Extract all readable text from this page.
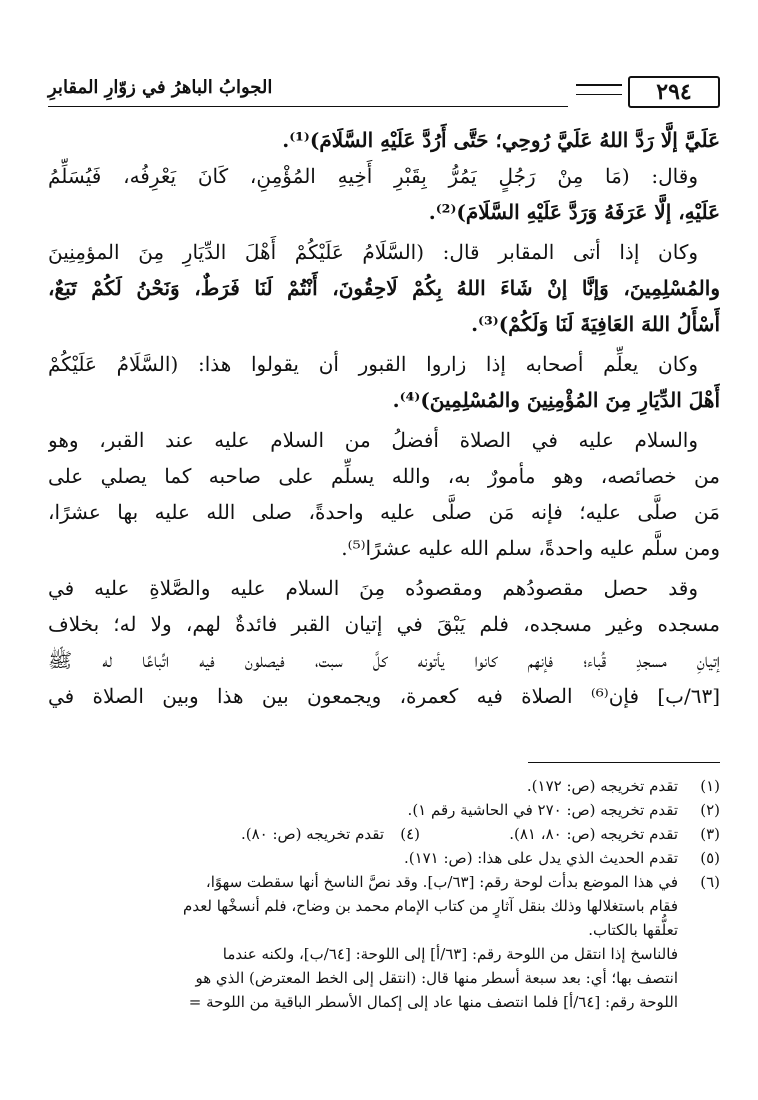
٢٩٤
الجوابُ الباهرُ في زوّارِ المقابرِ
عَلَيَّ إلَّا رَدَّ اللهُ عَلَيَّ رُوحِي؛ حَتَّى أَرُدَّ عَلَيْهِ السَّلَامَ)⁽¹⁾.
وقال: (مَا مِنْ رَجُلٍ يَمُرُّ بِقَبْرِ أَخِيهِ المُؤْمِنِ، كَانَ يَعْرِفُه، فَيُسَلِّمُ
عَلَيْهِ، إلَّا عَرَفَهُ وَرَدَّ عَلَيْهِ السَّلَامَ)⁽²⁾.
وكان إذا أتى المقابر قال: (السَّلَامُ عَلَيْكُمْ أَهْلَ الدِّيَارِ مِنَ المؤمِنِينَ
والمُسْلِمِينَ، وَإنَّا إنْ شَاءَ اللهُ بِكُمْ لَاحِقُونَ، أَنْتُمْ لَنَا فَرَطٌ، وَنَحْنُ لَكُمْ تَبَعٌ،
أَسْأَلُ اللهَ العَافِيَةَ لَنَا وَلَكُمْ)⁽³⁾.
وكان يعلِّم أصحابه إذا زاروا القبور أن يقولوا هذا: (السَّلَامُ عَلَيْكُمْ
أَهْلَ الدِّيَارِ مِنَ المُؤْمِنِينَ والمُسْلِمِينَ)⁽⁴⁾.
والسلام عليه في الصلاة أفضلُ من السلام عليه عند القبر، وهو
من خصائصه، وهو مأمورٌ به، والله يسلِّم على صاحبه كما يصلي على
مَن صلَّى عليه؛ فإنه مَن صلَّى عليه واحدةً، صلى الله عليه بها عشرًا،
ومن سلَّم عليه واحدةً، سلم الله عليه عشرًا⁽⁵⁾.
وقد حصل مقصودُهم ومقصودُه مِنَ السلام عليه والصَّلاةِ عليه في
مسجده وغير مسجده، فلم يَبْقَ في إتيان القبر فائدةٌ لهم، ولا له؛ بخلاف
إتيانِ مسجدِ قُباء؛ فإنهم كانوا يأتونه كلَّ سبت، فيصلون فيه اتِّباعًا له ﷺ
[٦٣/ب] فإن⁽⁶⁾ الصلاة فيه كعمرة، ويجمعون بين هذا وبين الصلاة في
(١)
تقدم تخريجه (ص: ١٧٢).
(٢)
تقدم تخريجه (ص: ٢٧٠ في الحاشية رقم ١).
(٣)
تقدم تخريجه (ص: ٨٠، ٨١).
(٤)
تقدم تخريجه (ص: ٨٠).
(٥)
تقدم الحديث الذي يدل على هذا: (ص: ١٧١).
(٦)
في هذا الموضع بدأت لوحة رقم: [٦٣/ب]. وقد نصَّ الناسخ أنها سقطت سهوًا،
فقام باستغلالها وذلك بنقل آثارٍ من كتاب الإمام محمد بن وضاح، فلم أنسخْها لعدم
تعلُّقها بالكتاب.
فالناسخ إذا انتقل من اللوحة رقم: [٦٣/أ] إلى اللوحة: [٦٤/ب]، ولكنه عندما
انتصف بها؛ أي: بعد سبعة أسطر منها قال: (انتقل إلى الخط المعترض) الذي هو
اللوحة رقم: [٦٤/أ] فلما انتصف منها عاد إلى إكمال الأسطر الباقية من اللوحة =
